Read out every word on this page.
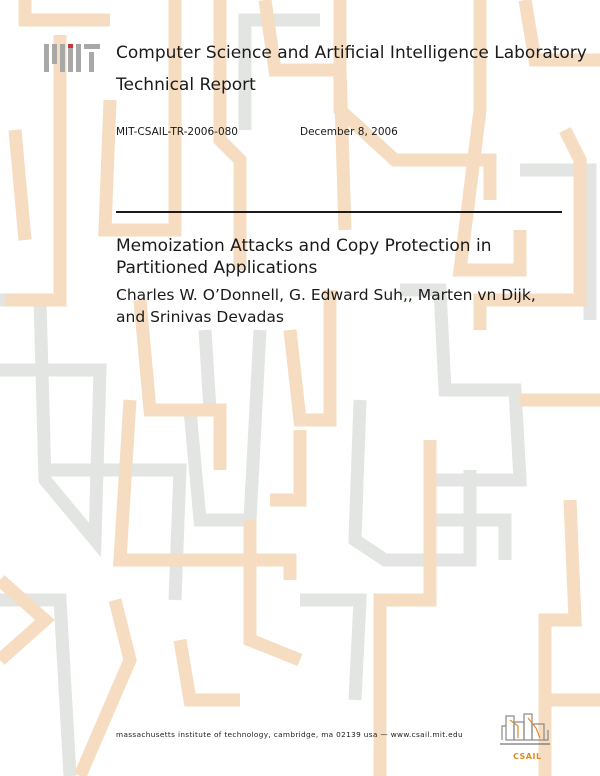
Computer Science and Artificial Intelligence Laboratory
Technical Report
MIT-CSAIL-TR-2006-080	December 8, 2006
Memoization Attacks and Copy Protection in Partitioned Applications
Charles W. O’Donnell, G. Edward Suh,, Marten vn Dijk, and Srinivas Devadas
massachusetts institute of technology, cambridge, ma 02139 usa — www.csail.mit.edu
CSAIL
